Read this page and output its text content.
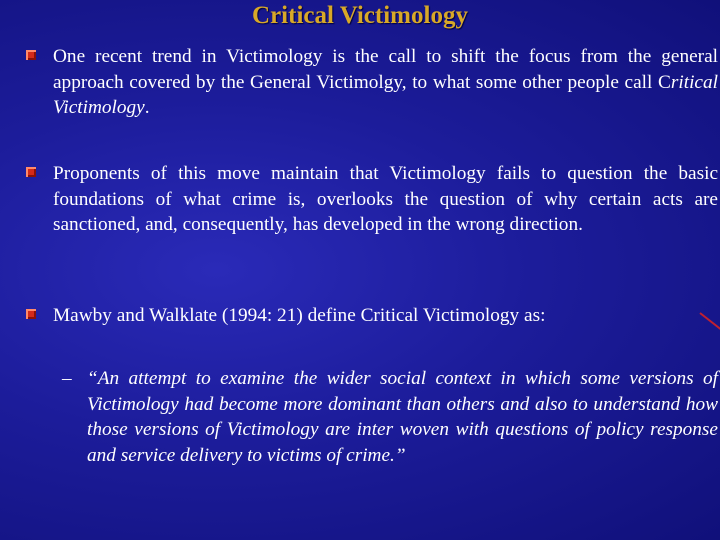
Critical Victimology
One recent trend in Victimology is the call to shift the focus from the general approach covered by the General Victimolgy, to what some other people call Critical Victimology.
Proponents of this move maintain that Victimology fails to question the basic foundations of what crime is, overlooks the question of why certain acts are sanctioned, and, consequently, has developed in the wrong direction.
Mawby and Walklate (1994: 21) define Critical Victimology as:
– “An attempt to examine the wider social context in which some versions of Victimology had become more dominant than others and also to understand how those versions of Victimology are inter woven with questions of policy response and service delivery to victims of crime.”
